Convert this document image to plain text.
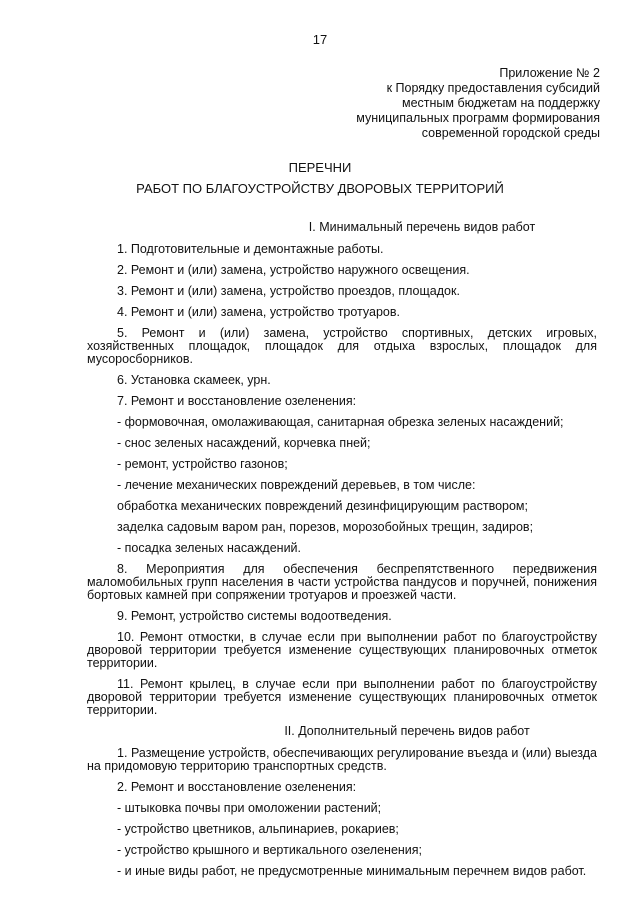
17
Приложение № 2
к Порядку предоставления субсидий
местным бюджетам на поддержку
муниципальных программ формирования
современной городской среды
ПЕРЕЧНИ
РАБОТ ПО БЛАГОУСТРОЙСТВУ ДВОРОВЫХ ТЕРРИТОРИЙ

I. Минимальный перечень видов работ

1. Подготовительные и демонтажные работы.

2. Ремонт и (или) замена, устройство наружного освещения.

3. Ремонт и (или) замена, устройство проездов, площадок.

4. Ремонт и (или) замена, устройство тротуаров.

5. Ремонт и (или) замена, устройство спортивных, детских игровых, хозяйственных площадок, площадок для отдыха взрослых, площадок для мусоросборников.

6. Установка скамеек, урн.

7. Ремонт и восстановление озеленения:

- формовочная, омолаживающая, санитарная обрезка зеленых насаждений;

- снос зеленых насаждений, корчевка пней;

- ремонт, устройство газонов;

- лечение механических повреждений деревьев, в том числе:

обработка механических повреждений дезинфицирующим раствором;

заделка садовым варом ран, порезов, морозобойных трещин, задиров;

- посадка зеленых насаждений.

8. Мероприятия для обеспечения беспрепятственного передвижения маломобильных групп населения в части устройства пандусов и поручней, понижения бортовых камней при сопряжении тротуаров и проезжей части.

9. Ремонт, устройство системы водоотведения.

10. Ремонт отмостки, в случае если при выполнении работ по благоустройству дворовой территории требуется изменение существующих планировочных отметок территории.

11. Ремонт крылец, в случае если при выполнении работ по благоустройству дворовой территории требуется изменение существующих планировочных отметок территории.

II. Дополнительный перечень видов работ

1. Размещение устройств, обеспечивающих регулирование въезда и (или) выезда на придомовую территорию транспортных средств.

2. Ремонт и восстановление озеленения:

- штыковка почвы при омоложении растений;

- устройство цветников, альпинариев, рокариев;

- устройство крышного и вертикального озеленения;

- и иные виды работ, не предусмотренные минимальным перечнем видов работ.
